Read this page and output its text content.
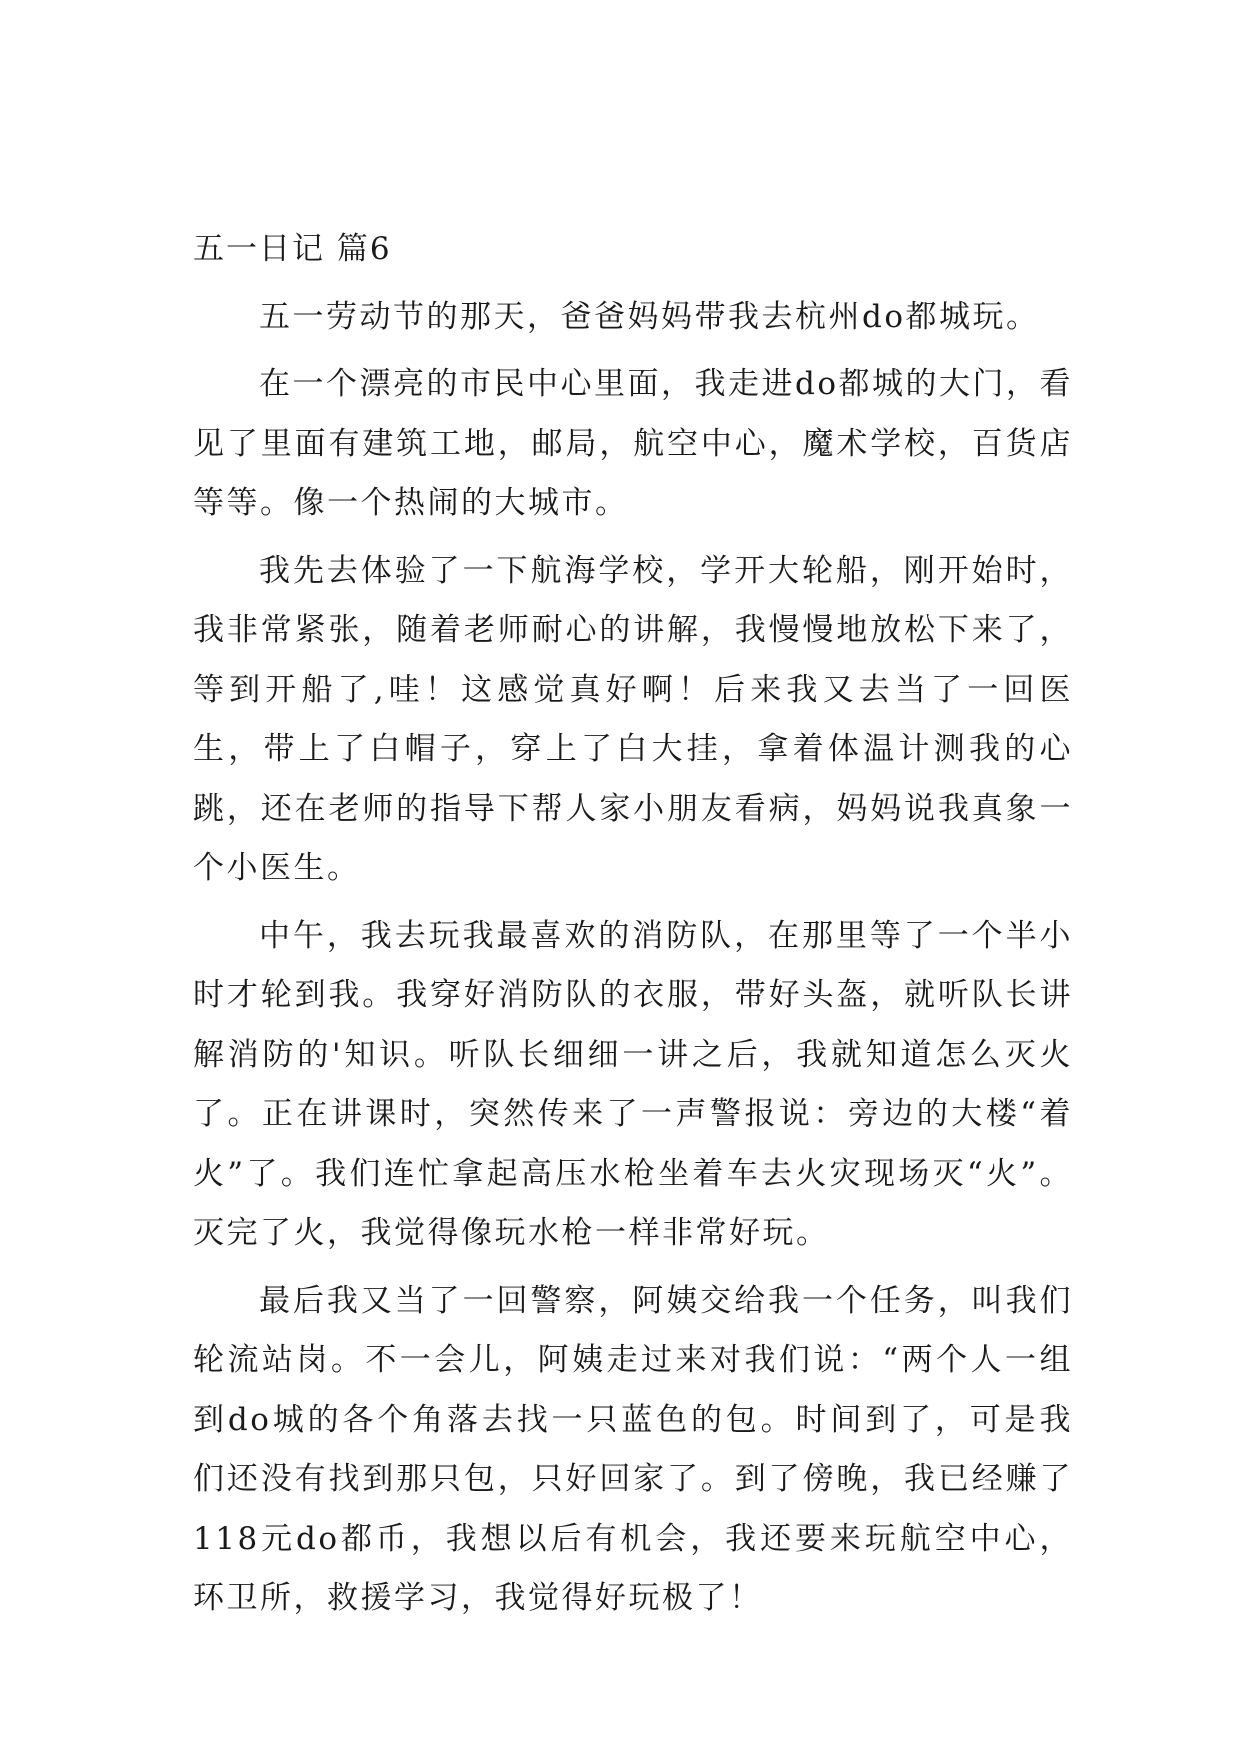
五一日记 篇6

五一劳动节的那天，爸爸妈妈带我去杭州do都城玩。

在一个漂亮的市民中心里面，我走进do都城的大门，看见了里面有建筑工地，邮局，航空中心，魔术学校，百货店等等。像一个热闹的大城市。

我先去体验了一下航海学校，学开大轮船，刚开始时，我非常紧张，随着老师耐心的讲解，我慢慢地放松下来了，等到开船了,哇！这感觉真好啊！后来我又去当了一回医生，带上了白帽子，穿上了白大挂，拿着体温计测我的心跳，还在老师的指导下帮人家小朋友看病，妈妈说我真象一个小医生。

中午，我去玩我最喜欢的消防队，在那里等了一个半小时才轮到我。我穿好消防队的衣服，带好头盔，就听队长讲解消防的'知识。听队长细细一讲之后，我就知道怎么灭火了。正在讲课时，突然传来了一声警报说：旁边的大楼“着火”了。我们连忙拿起高压水枪坐着车去火灾现场灭“火”。灭完了火，我觉得像玩水枪一样非常好玩。

最后我又当了一回警察，阿姨交给我一个任务，叫我们轮流站岗。不一会儿，阿姨走过来对我们说：“两个人一组到do城的各个角落去找一只蓝色的包。时间到了，可是我们还没有找到那只包，只好回家了。到了傍晚，我已经赚了118元do都币，我想以后有机会，我还要来玩航空中心，环卫所，救援学习，我觉得好玩极了！
